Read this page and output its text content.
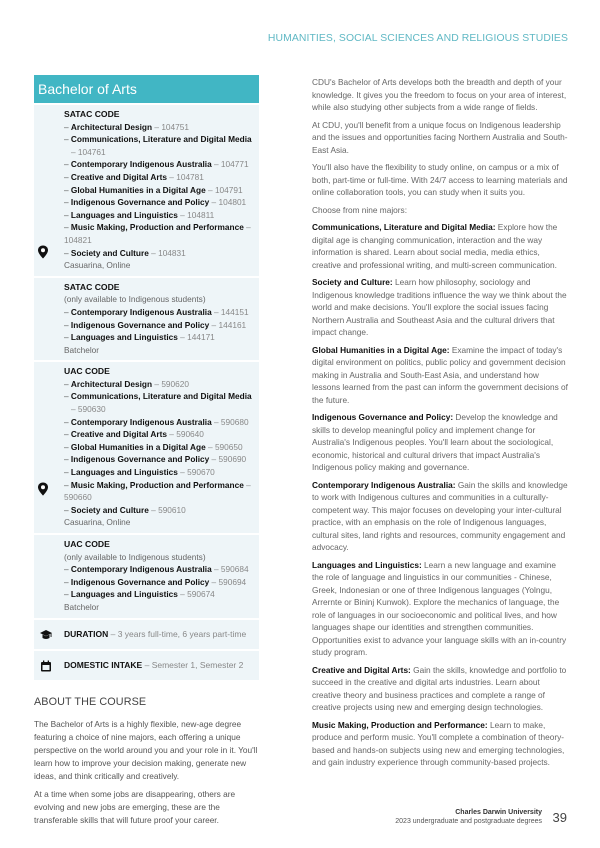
HUMANITIES, SOCIAL SCIENCES AND RELIGIOUS STUDIES
Bachelor of Arts
SATAC CODE
– Architectural Design – 104751
– Communications, Literature and Digital Media
– 104761
– Contemporary Indigenous Australia – 104771
– Creative and Digital Arts – 104781
– Global Humanities in a Digital Age – 104791
– Indigenous Governance and Policy – 104801
– Languages and Linguistics – 104811
– Music Making, Production and Performance – 104821
– Society and Culture – 104831
Casuarina, Online
SATAC CODE
(only available to Indigenous students)
– Contemporary Indigenous Australia – 144151
– Indigenous Governance and Policy – 144161
– Languages and Linguistics – 144171
Batchelor
UAC CODE
– Architectural Design – 590620
– Communications, Literature and Digital Media
– 590630
– Contemporary Indigenous Australia – 590680
– Creative and Digital Arts – 590640
– Global Humanities in a Digital Age – 590650
– Indigenous Governance and Policy – 590690
– Languages and Linguistics – 590670
– Music Making, Production and Performance – 590660
– Society and Culture – 590610
Casuarina, Online
UAC CODE
(only available to Indigenous students)
– Contemporary Indigenous Australia – 590684
– Indigenous Governance and Policy – 590694
– Languages and Linguistics – 590674
Batchelor
DURATION – 3 years full-time, 6 years part-time
DOMESTIC INTAKE – Semester 1, Semester 2
ABOUT THE COURSE

The Bachelor of Arts is a highly flexible, new-age degree featuring a choice of nine majors, each offering a unique perspective on the world around you and your role in it. You'll learn how to improve your decision making, generate new ideas, and think critically and creatively.

At a time when some jobs are disappearing, others are evolving and new jobs are emerging, these are the transferable skills that will future proof your career.

CDU's Bachelor of Arts develops both the breadth and depth of your knowledge. It gives you the freedom to focus on your area of interest, while also studying other subjects from a wide range of fields.

At CDU, you'll benefit from a unique focus on Indigenous leadership and the issues and opportunities facing Northern Australia and South-East Asia.

You'll also have the flexibility to study online, on campus or a mix of both, part-time or full-time. With 24/7 access to learning materials and online collaboration tools, you can study when it suits you.

Choose from nine majors:

Communications, Literature and Digital Media: Explore how the digital age is changing communication, interaction and the way information is shared. Learn about social media, media ethics, creative and professional writing, and multi-screen communication.

Society and Culture: Learn how philosophy, sociology and Indigenous knowledge traditions influence the way we think about the world and make decisions. You'll explore the social issues facing Northern Australia and Southeast Asia and the cultural drivers that impact change.

Global Humanities in a Digital Age: Examine the impact of today's digital environment on politics, public policy and government decision making in Australia and South-East Asia, and understand how lessons learned from the past can inform the government decisions of the future.

Indigenous Governance and Policy: Develop the knowledge and skills to develop meaningful policy and implement change for Australia's Indigenous peoples. You'll learn about the sociological, economic, historical and cultural drivers that impact Australia's Indigenous policy making and governance.

Contemporary Indigenous Australia: Gain the skills and knowledge to work with Indigenous cultures and communities in a culturally-competent way. This major focuses on developing your inter-cultural practice, with an emphasis on the role of Indigenous languages, cultural sites, land rights and resources, community engagement and advocacy.

Languages and Linguistics: Learn a new language and examine the role of language and linguistics in our communities - Chinese, Greek, Indonesian or one of three Indigenous languages (Yolngu, Arrernte or Bininj Kunwok). Explore the mechanics of language, the role of languages in our socioeconomic and political lives, and how languages shape our identities and strengthen communities. Opportunities exist to advance your language skills with an in-country study program.

Creative and Digital Arts: Gain the skills, knowledge and portfolio to succeed in the creative and digital arts industries. Learn about creative theory and business practices and complete a range of creative projects using new and emerging design technologies.

Music Making, Production and Performance: Learn to make, produce and perform music. You'll complete a combination of theory-based and hands-on subjects using new and emerging technologies, and gain industry experience through community-based projects.

Charles Darwin University
2023 undergraduate and postgraduate degrees 39
